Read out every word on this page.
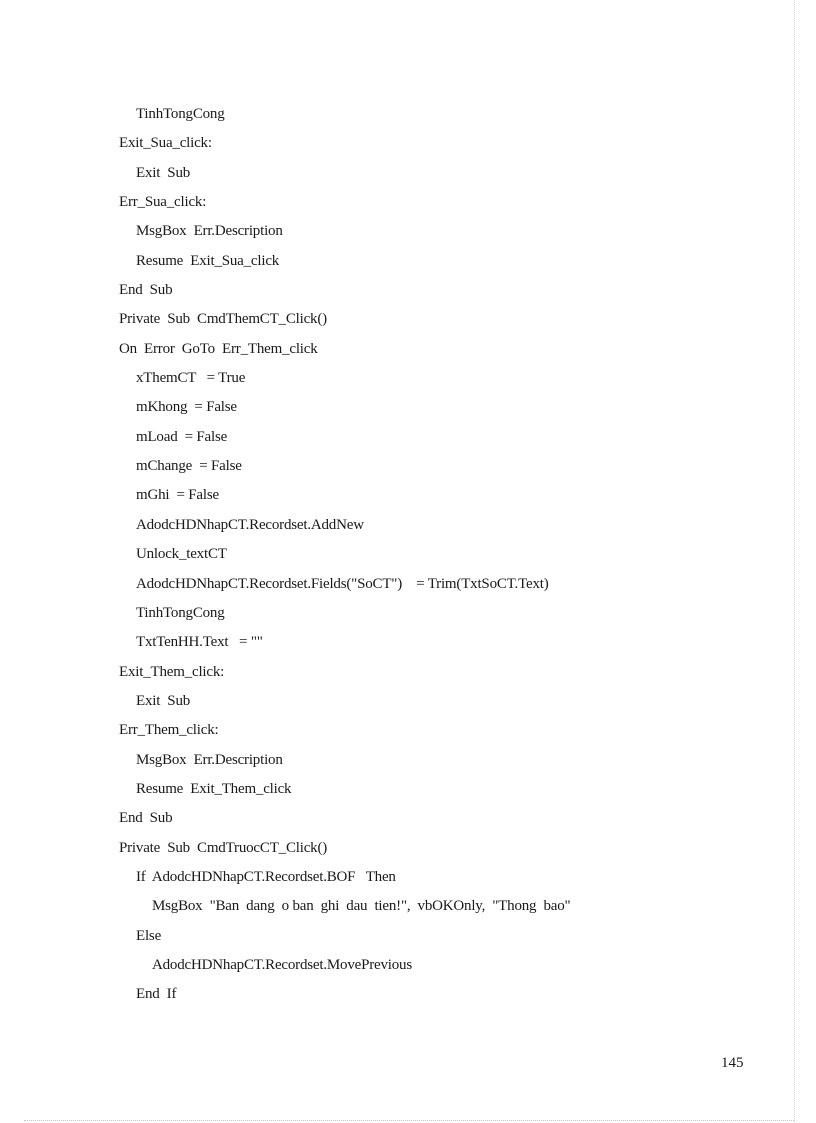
TinhTongCong
Exit_Sua_click:
Exit  Sub
Err_Sua_click:
MsgBox  Err.Description
Resume  Exit_Sua_click
End  Sub
Private  Sub  CmdThemCT_Click()
On  Error  GoTo  Err_Them_click
xThemCT   = True
mKhong  = False
mLoad  = False
mChange  = False
mGhi  = False
AdodcHDNhapCT.Recordset.AddNew
Unlock_textCT
AdodcHDNhapCT.Recordset.Fields("SoCT")    = Trim(TxtSoCT.Text)
TinhTongCong
TxtTenHH.Text   = ""
Exit_Them_click:
Exit  Sub
Err_Them_click:
MsgBox  Err.Description
Resume  Exit_Them_click
End  Sub
Private  Sub  CmdTruocCT_Click()
If  AdodcHDNhapCT.Recordset.BOF   Then
MsgBox  "Ban  dang  o ban  ghi  dau  tien!",  vbOKOnly,  "Thong  bao"
Else
AdodcHDNhapCT.Recordset.MovePrevious
End  If
145
